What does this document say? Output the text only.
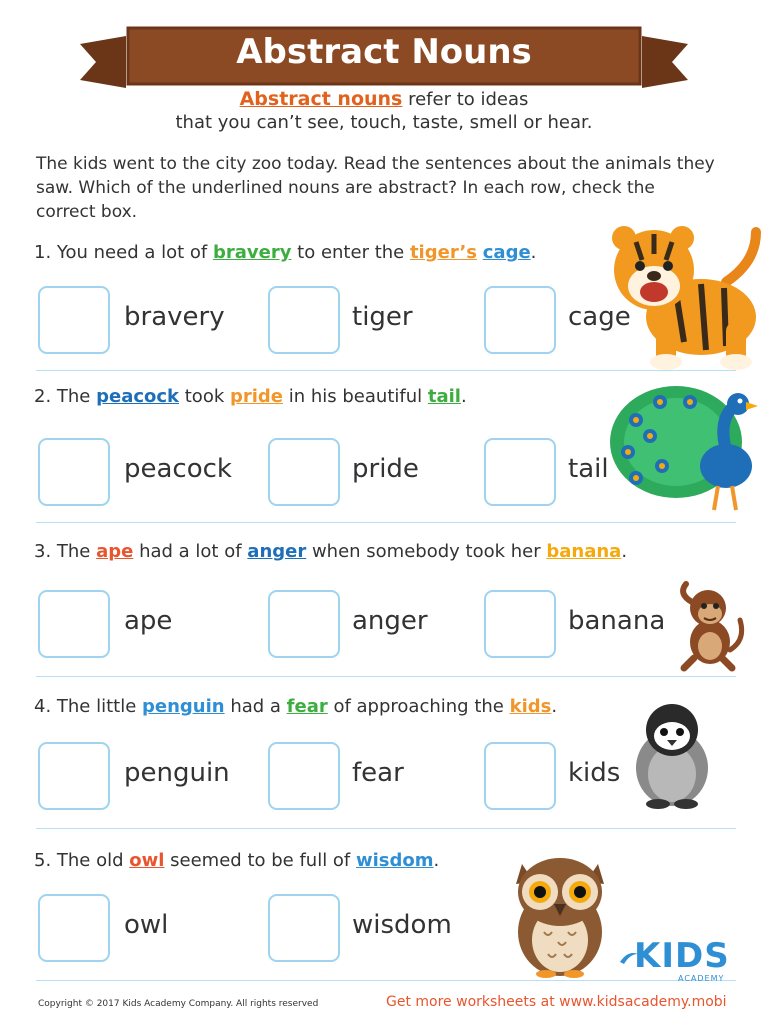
Abstract Nouns
Abstract nouns refer to ideas
that you can’t see, touch, taste, smell or hear.
The kids went to the city zoo today. Read the sentences about the animals they saw. Which of the underlined nouns are abstract? In each row, check the correct box.
1. You need a lot of bravery to enter the tiger’s cage.
bravery	tiger	cage
2. The peacock took pride in his beautiful tail.
peacock	pride	tail
3. The ape had a lot of anger when somebody took her banana.
ape	anger	banana
4. The little penguin had a fear of approaching the kids.
penguin	fear	kids
5. The old owl seemed to be full of wisdom.
owl	wisdom
KIDS
ACADEMY
Copyright © 2017 Kids Academy Company. All rights reserved	Get more worksheets at www.kidsacademy.mobi
